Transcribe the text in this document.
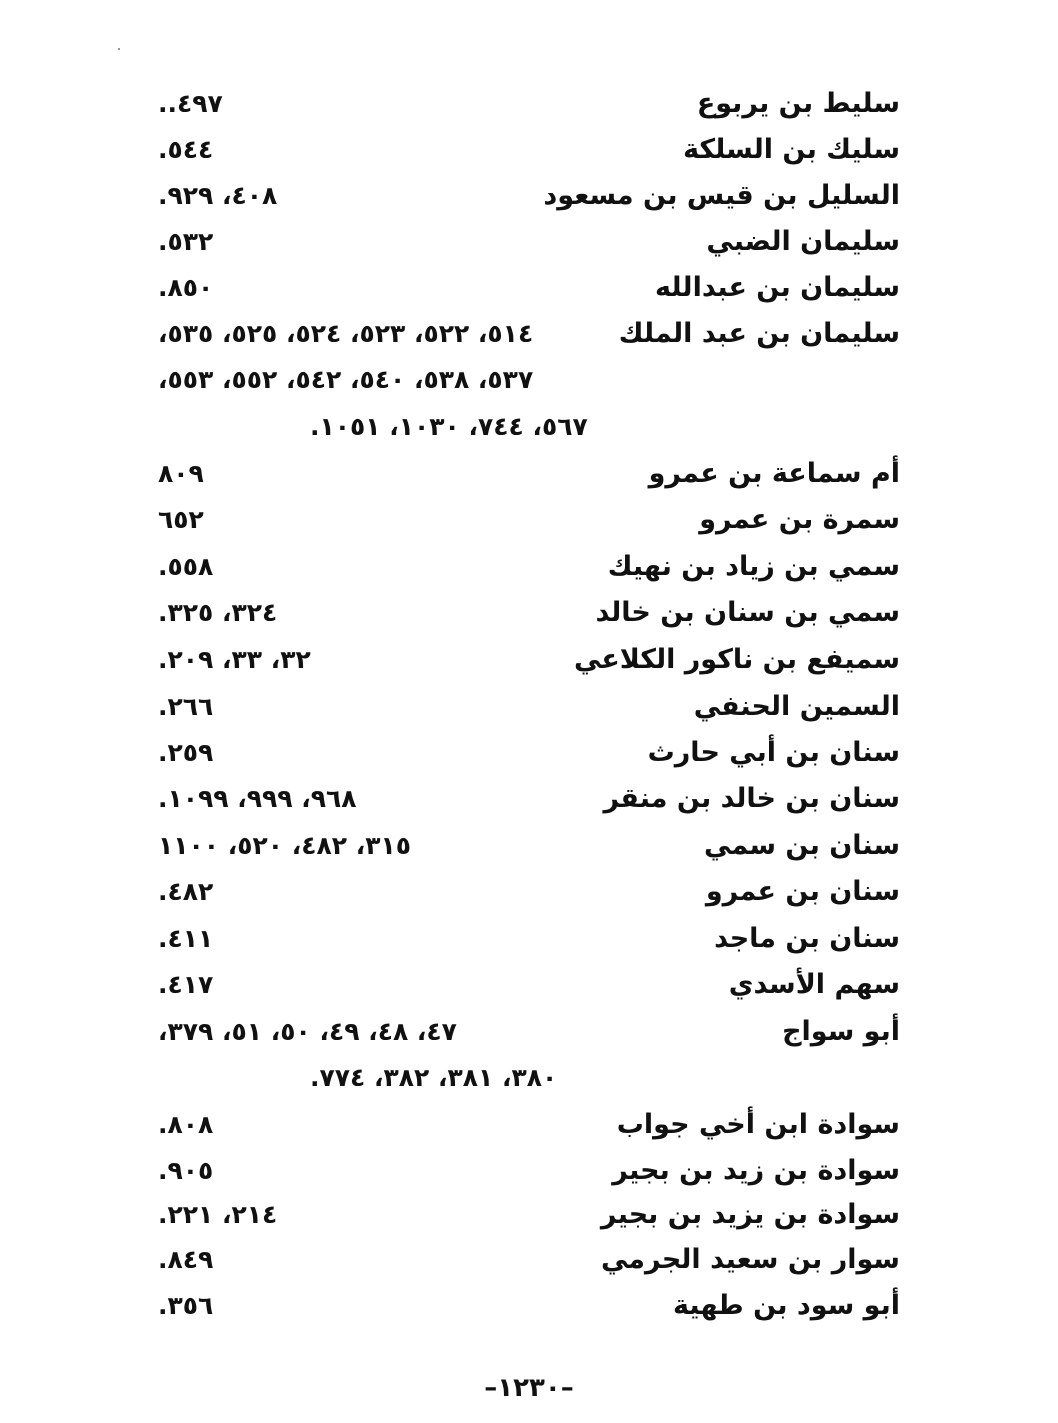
سليط بن يربوع
٤٩٧..
سليك بن السلكة
٥٤٤.
السليل بن قيس بن مسعود
٤٠٨، ٩٢٩.
سليمان الضبي
٥٣٢.
سليمان بن عبدالله
٨٥٠.
سليمان بن عبد الملك
٥١٤، ٥٢٢، ٥٢٣، ٥٢٤، ٥٢٥، ٥٣٥،
٥٣٧، ٥٣٨، ٥٤٠، ٥٤٢، ٥٥٢، ٥٥٣،
٥٦٧، ٧٤٤، ١٠٣٠، ١٠٥١.
أم سماعة بن عمرو
٨٠٩
سمرة بن عمرو
٦٥٢
سمي بن زياد بن نهيك
٥٥٨.
سمي بن سنان بن خالد
٣٢٤، ٣٢٥.
سميفع بن ناكور الكلاعي
٣٢، ٣٣، ٢٠٩.
السمين الحنفي
٢٦٦.
سنان بن أبي حارث
٢٥٩.
سنان بن خالد بن منقر
٩٦٨، ٩٩٩، ١٠٩٩.
سنان بن سمي
٣١٥، ٤٨٢، ٥٢٠، ١١٠٠
سنان بن عمرو
٤٨٢.
سنان بن ماجد
٤١١.
سهم الأسدي
٤١٧.
أبو سواج
٤٧، ٤٨، ٤٩، ٥٠، ٥١، ٣٧٩،
٣٨٠، ٣٨١، ٣٨٢، ٧٧٤.
سوادة ابن أخي جواب
٨٠٨.
سوادة بن زيد بن بجير
٩٠٥.
سوادة بن يزيد بن بجير
٢١٤، ٢٢١.
سوار بن سعيد الجرمي
٨٤٩.
أبو سود بن طهية
٣٥٦.
–١٢٣٠–
